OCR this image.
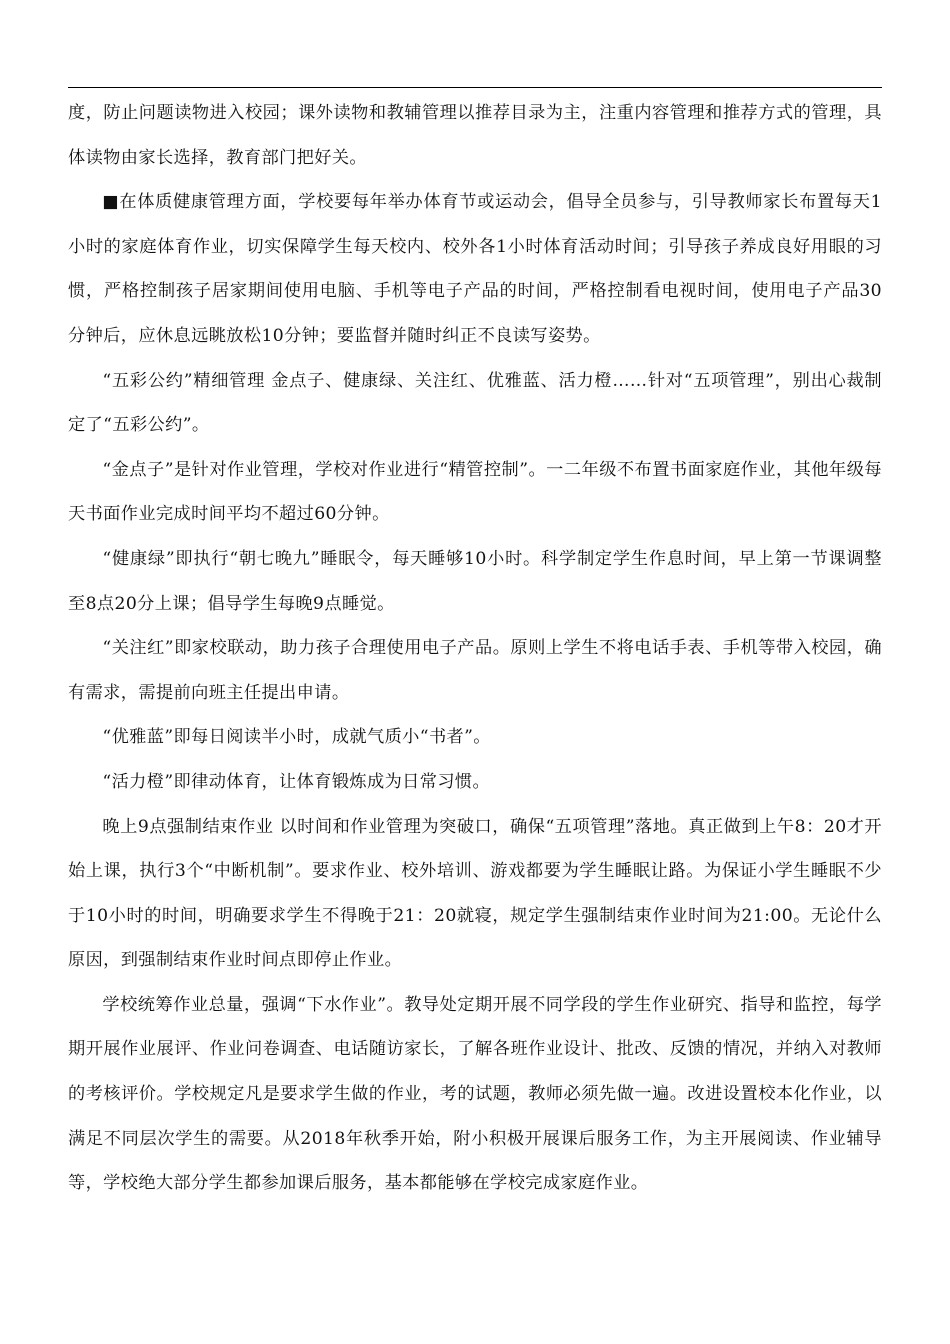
度，防止问题读物进入校园；课外读物和教辅管理以推荐目录为主，注重内容管理和推荐方式的管理，具体读物由家长选择，教育部门把好关。

■在体质健康管理方面，学校要每年举办体育节或运动会，倡导全员参与，引导教师家长布置每天1小时的家庭体育作业，切实保障学生每天校内、校外各1小时体育活动时间；引导孩子养成良好用眼的习惯，严格控制孩子居家期间使用电脑、手机等电子产品的时间，严格控制看电视时间，使用电子产品30分钟后，应休息远眺放松10分钟；要监督并随时纠正不良读写姿势。

“五彩公约”精细管理 金点子、健康绿、关注红、优雅蓝、活力橙……针对“五项管理”，别出心裁制定了“五彩公约”。

“金点子”是针对作业管理，学校对作业进行“精管控制”。一二年级不布置书面家庭作业，其他年级每天书面作业完成时间平均不超过60分钟。

“健康绿”即执行“朝七晚九”睡眠令，每天睡够10小时。科学制定学生作息时间，早上第一节课调整至8点20分上课；倡导学生每晚9点睡觉。

“关注红”即家校联动，助力孩子合理使用电子产品。原则上学生不将电话手表、手机等带入校园，确有需求，需提前向班主任提出申请。

“优雅蓝”即每日阅读半小时，成就气质小“书者”。

“活力橙”即律动体育，让体育锻炼成为日常习惯。

晚上9点强制结束作业 以时间和作业管理为突破口，确保“五项管理”落地。真正做到上午8：20才开始上课，执行3个“中断机制”。要求作业、校外培训、游戏都要为学生睡眠让路。为保证小学生睡眠不少于10小时的时间，明确要求学生不得晚于21：20就寝，规定学生强制结束作业时间为21:00。无论什么原因，到强制结束作业时间点即停止作业。

学校统筹作业总量，强调“下水作业”。教导处定期开展不同学段的学生作业研究、指导和监控，每学期开展作业展评、作业问卷调查、电话随访家长，了解各班作业设计、批改、反馈的情况，并纳入对教师的考核评价。学校规定凡是要求学生做的作业，考的试题，教师必须先做一遍。改进设置校本化作业，以满足不同层次学生的需要。从2018年秋季开始，附小积极开展课后服务工作，为主开展阅读、作业辅导等，学校绝大部分学生都参加课后服务，基本都能够在学校完成家庭作业。
